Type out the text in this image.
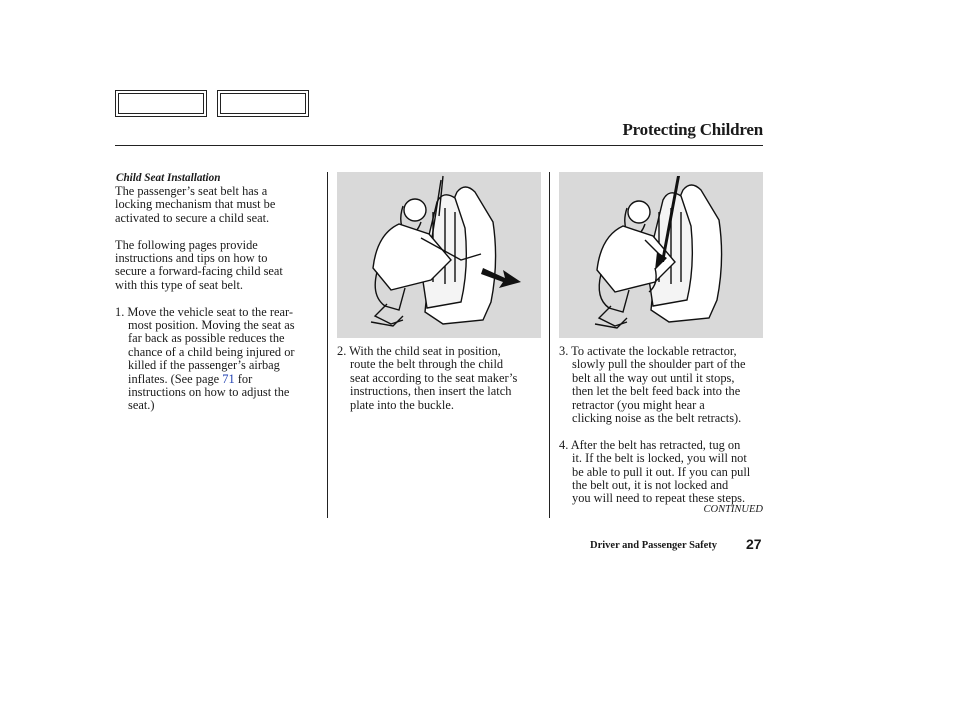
Protecting Children
Child Seat Installation
The passenger’s seat belt has a
locking mechanism that must be
activated to secure a child seat.
The following pages provide
instructions and tips on how to
secure a forward-facing child seat
with this type of seat belt.
1. Move the vehicle seat to the rear-
most position. Moving the seat as
far back as possible reduces the
chance of a child being injured or
killed if the passenger’s airbag
inflates. (See page 71 for
instructions on how to adjust the
seat.)
2. With the child seat in position,
route the belt through the child
seat according to the seat maker’s
instructions, then insert the latch
plate into the buckle.
3. To activate the lockable retractor,
slowly pull the shoulder part of the
belt all the way out until it stops,
then let the belt feed back into the
retractor (you might hear a
clicking noise as the belt retracts).
4. After the belt has retracted, tug on
it. If the belt is locked, you will not
be able to pull it out. If you can pull
the belt out, it is not locked and
you will need to repeat these steps.
CONTINUED
Driver and Passenger Safety 27
